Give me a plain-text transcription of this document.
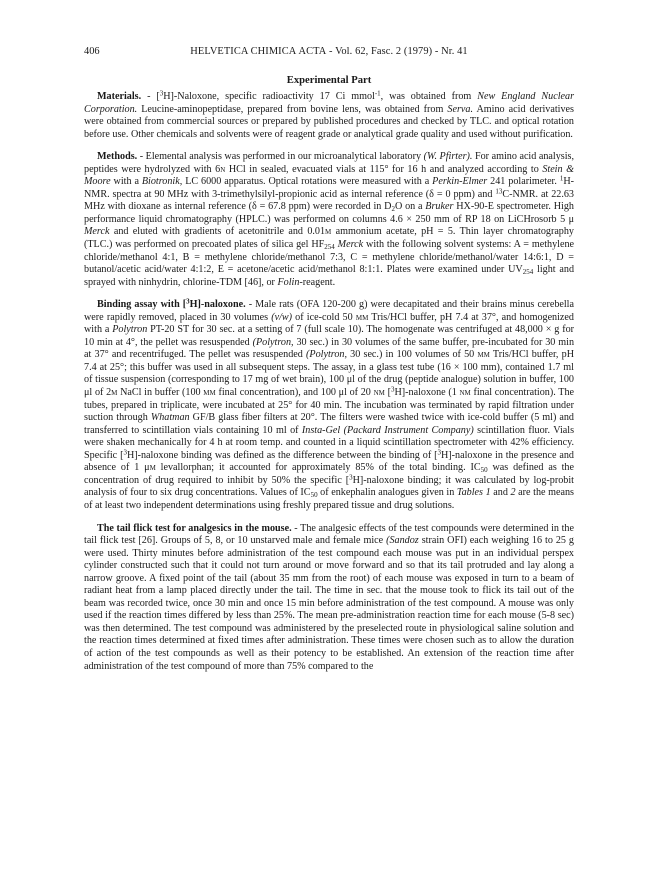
406	HELVETICA CHIMICA ACTA - Vol. 62, Fasc. 2 (1979) - Nr. 41
Experimental Part

Materials. - [$^3$H]-Naloxone, specific radioactivity 17 Ci mmol$^{-1}$, was obtained from New England Nuclear Corporation. Leucine-aminopeptidase, prepared from bovine lens, was obtained from Serva. Amino acid derivatives were obtained from commercial sources or prepared by published procedures and checked by TLC. and optical rotation before use. Other chemicals and solvents were of reagent grade or analytical grade quality and used without purification.

Methods. - Elemental analysis was performed in our microanalytical laboratory (W. Pfirter). For amino acid analysis, peptides were hydrolyzed with 6n HCl in sealed, evacuated vials at 115° for 16 h and analyzed according to Stein & Moore with a Biotronik, LC 6000 apparatus. Optical rotations were measured with a Perkin-Elmer 241 polarimeter. $^1$H-NMR. spectra at 90 MHz with 3-trimethylsilyl-propionic acid as internal reference (δ = 0 ppm) and $^{13}$C-NMR. at 22.63 MHz with dioxane as internal reference (δ = 67.8 ppm) were recorded in $D_2O$ on a Bruker HX-90-E spectrometer. High performance liquid chromatography (HPLC.) was performed on columns 4.6 × 250 mm of RP 18 on LiCHrosorb 5 μ Merck and eluted with gradients of acetonitrile and 0.01m ammonium acetate, pH = 5. Thin layer chromatography (TLC.) was performed on precoated plates of silica gel $HF_{254}$ Merck with the following solvent systems: A = methylene chloride/methanol 4:1, B = methylene chloride/methanol 7:3, C = methylene chloride/methanol/water 14:6:1, D = butanol/acetic acid/water 4:1:2, E = acetone/acetic acid/methanol 8:1:1. Plates were examined under $UV_{254}$ light and sprayed with ninhydrin, chlorine-TDM [46], or Folin-reagent.

Binding assay with [$^3$H]-naloxone. - Male rats (OFA 120-200 g) were decapitated and their brains minus cerebella were rapidly removed, placed in 30 volumes (v/w) of ice-cold 50 mm Tris/HCl buffer, pH 7.4 at 37°, and homogenized with a Polytron PT-20 ST for 30 sec. at a setting of 7 (full scale 10). The homogenate was centrifuged at 48,000 × g for 10 min at 4°, the pellet was resuspended (Polytron, 30 sec.) in 30 volumes of the same buffer, pre-incubated for 30 min at 37° and recentrifuged. The pellet was resuspended (Polytron, 30 sec.) in 100 volumes of 50 mm Tris/HCl buffer, pH 7.4 at 25°; this buffer was used in all subsequent steps. The assay, in a glass test tube (16 × 100 mm), contained 1.7 ml of tissue suspension (corresponding to 17 mg of wet brain), 100 μl of the drug (peptide analogue) solution in buffer, 100 μl of 2m NaCl in buffer (100 mm final concentration), and 100 μl of 20 nm [$^3$H]-naloxone (1 nm final concentration). The tubes, prepared in triplicate, were incubated at 25° for 40 min. The incubation was terminated by rapid filtration under suction through Whatman GF/B glass fiber filters at 20°. The filters were washed twice with ice-cold buffer (5 ml) and transferred to scintillation vials containing 10 ml of Insta-Gel (Packard Instrument Company) scintillation fluor. Vials were shaken mechanically for 4 h at room temp. and counted in a liquid scintillation spectrometer with 42% efficiency. Specific [$^3$H]-naloxone binding was defined as the difference between the binding of [$^3$H]-naloxone in the presence and absence of 1 μm levallorphan; it accounted for approximately 85% of the total binding. $IC_{50}$ was defined as the concentration of drug required to inhibit by 50% the specific [$^3$H]-naloxone binding; it was calculated by log-probit analysis of four to six drug concentrations. Values of $IC_{50}$ of enkephalin analogues given in Tables 1 and 2 are the means of at least two independent determinations using freshly prepared tissue and drug solutions.

The tail flick test for analgesics in the mouse. - The analgesic effects of the test compounds were determined in the tail flick test [26]. Groups of 5, 8, or 10 unstarved male and female mice (Sandoz strain OFI) each weighing 16 to 25 g were used. Thirty minutes before administration of the test compound each mouse was put in an individual perspex cylinder constructed such that it could not turn around or move forward and so that its tail protruded and lay along a narrow groove. A fixed point of the tail (about 35 mm from the root) of each mouse was exposed in turn to a beam of radiant heat from a lamp placed directly under the tail. The time in sec. that the mouse took to flick its tail out of the beam was recorded twice, once 30 min and once 15 min before administration of the test compound. A mouse was only used if the reaction times differed by less than 25%. The mean pre-administration reaction time for each mouse (5-8 sec) was then determined. The test compound was administered by the preselected route in physiological saline solution and the reaction times determined at fixed times after administration. These times were chosen such as to allow the duration of action of the test compounds as well as their potency to be established. An extension of the reaction time after administration of the test compound of more than 75% compared to the
